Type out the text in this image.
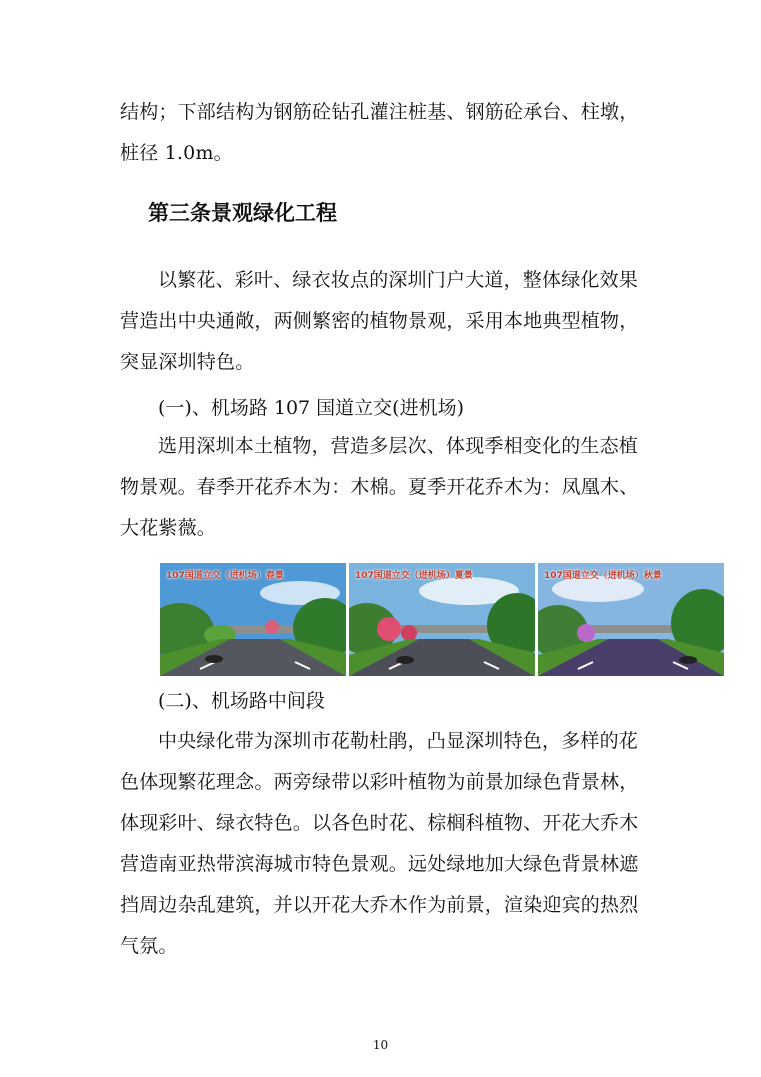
结构；下部结构为钢筋砼钻孔灌注桩基、钢筋砼承台、柱墩，
桩径 1.0m。
第三条景观绿化工程
以繁花、彩叶、绿衣妆点的深圳门户大道，整体绿化效果
营造出中央通敞，两侧繁密的植物景观，采用本地典型植物，
突显深圳特色。

(一)、机场路 107 国道立交(进机场)

选用深圳本土植物，营造多层次、体现季相变化的生态植
物景观。春季开花乔木为：木棉。夏季开花乔木为：凤凰木、
大花紫薇。
107国道立交（进机场）春景	107国道立交（进机场）夏景	107国道立交（进机场）秋景

(二)、机场路中间段

中央绿化带为深圳市花勒杜鹃，凸显深圳特色，多样的花
色体现繁花理念。两旁绿带以彩叶植物为前景加绿色背景林，
体现彩叶、绿衣特色。以各色时花、棕榈科植物、开花大乔木
营造南亚热带滨海城市特色景观。远处绿地加大绿色背景林遮
挡周边杂乱建筑，并以开花大乔木作为前景，渲染迎宾的热烈
气氛。
10
